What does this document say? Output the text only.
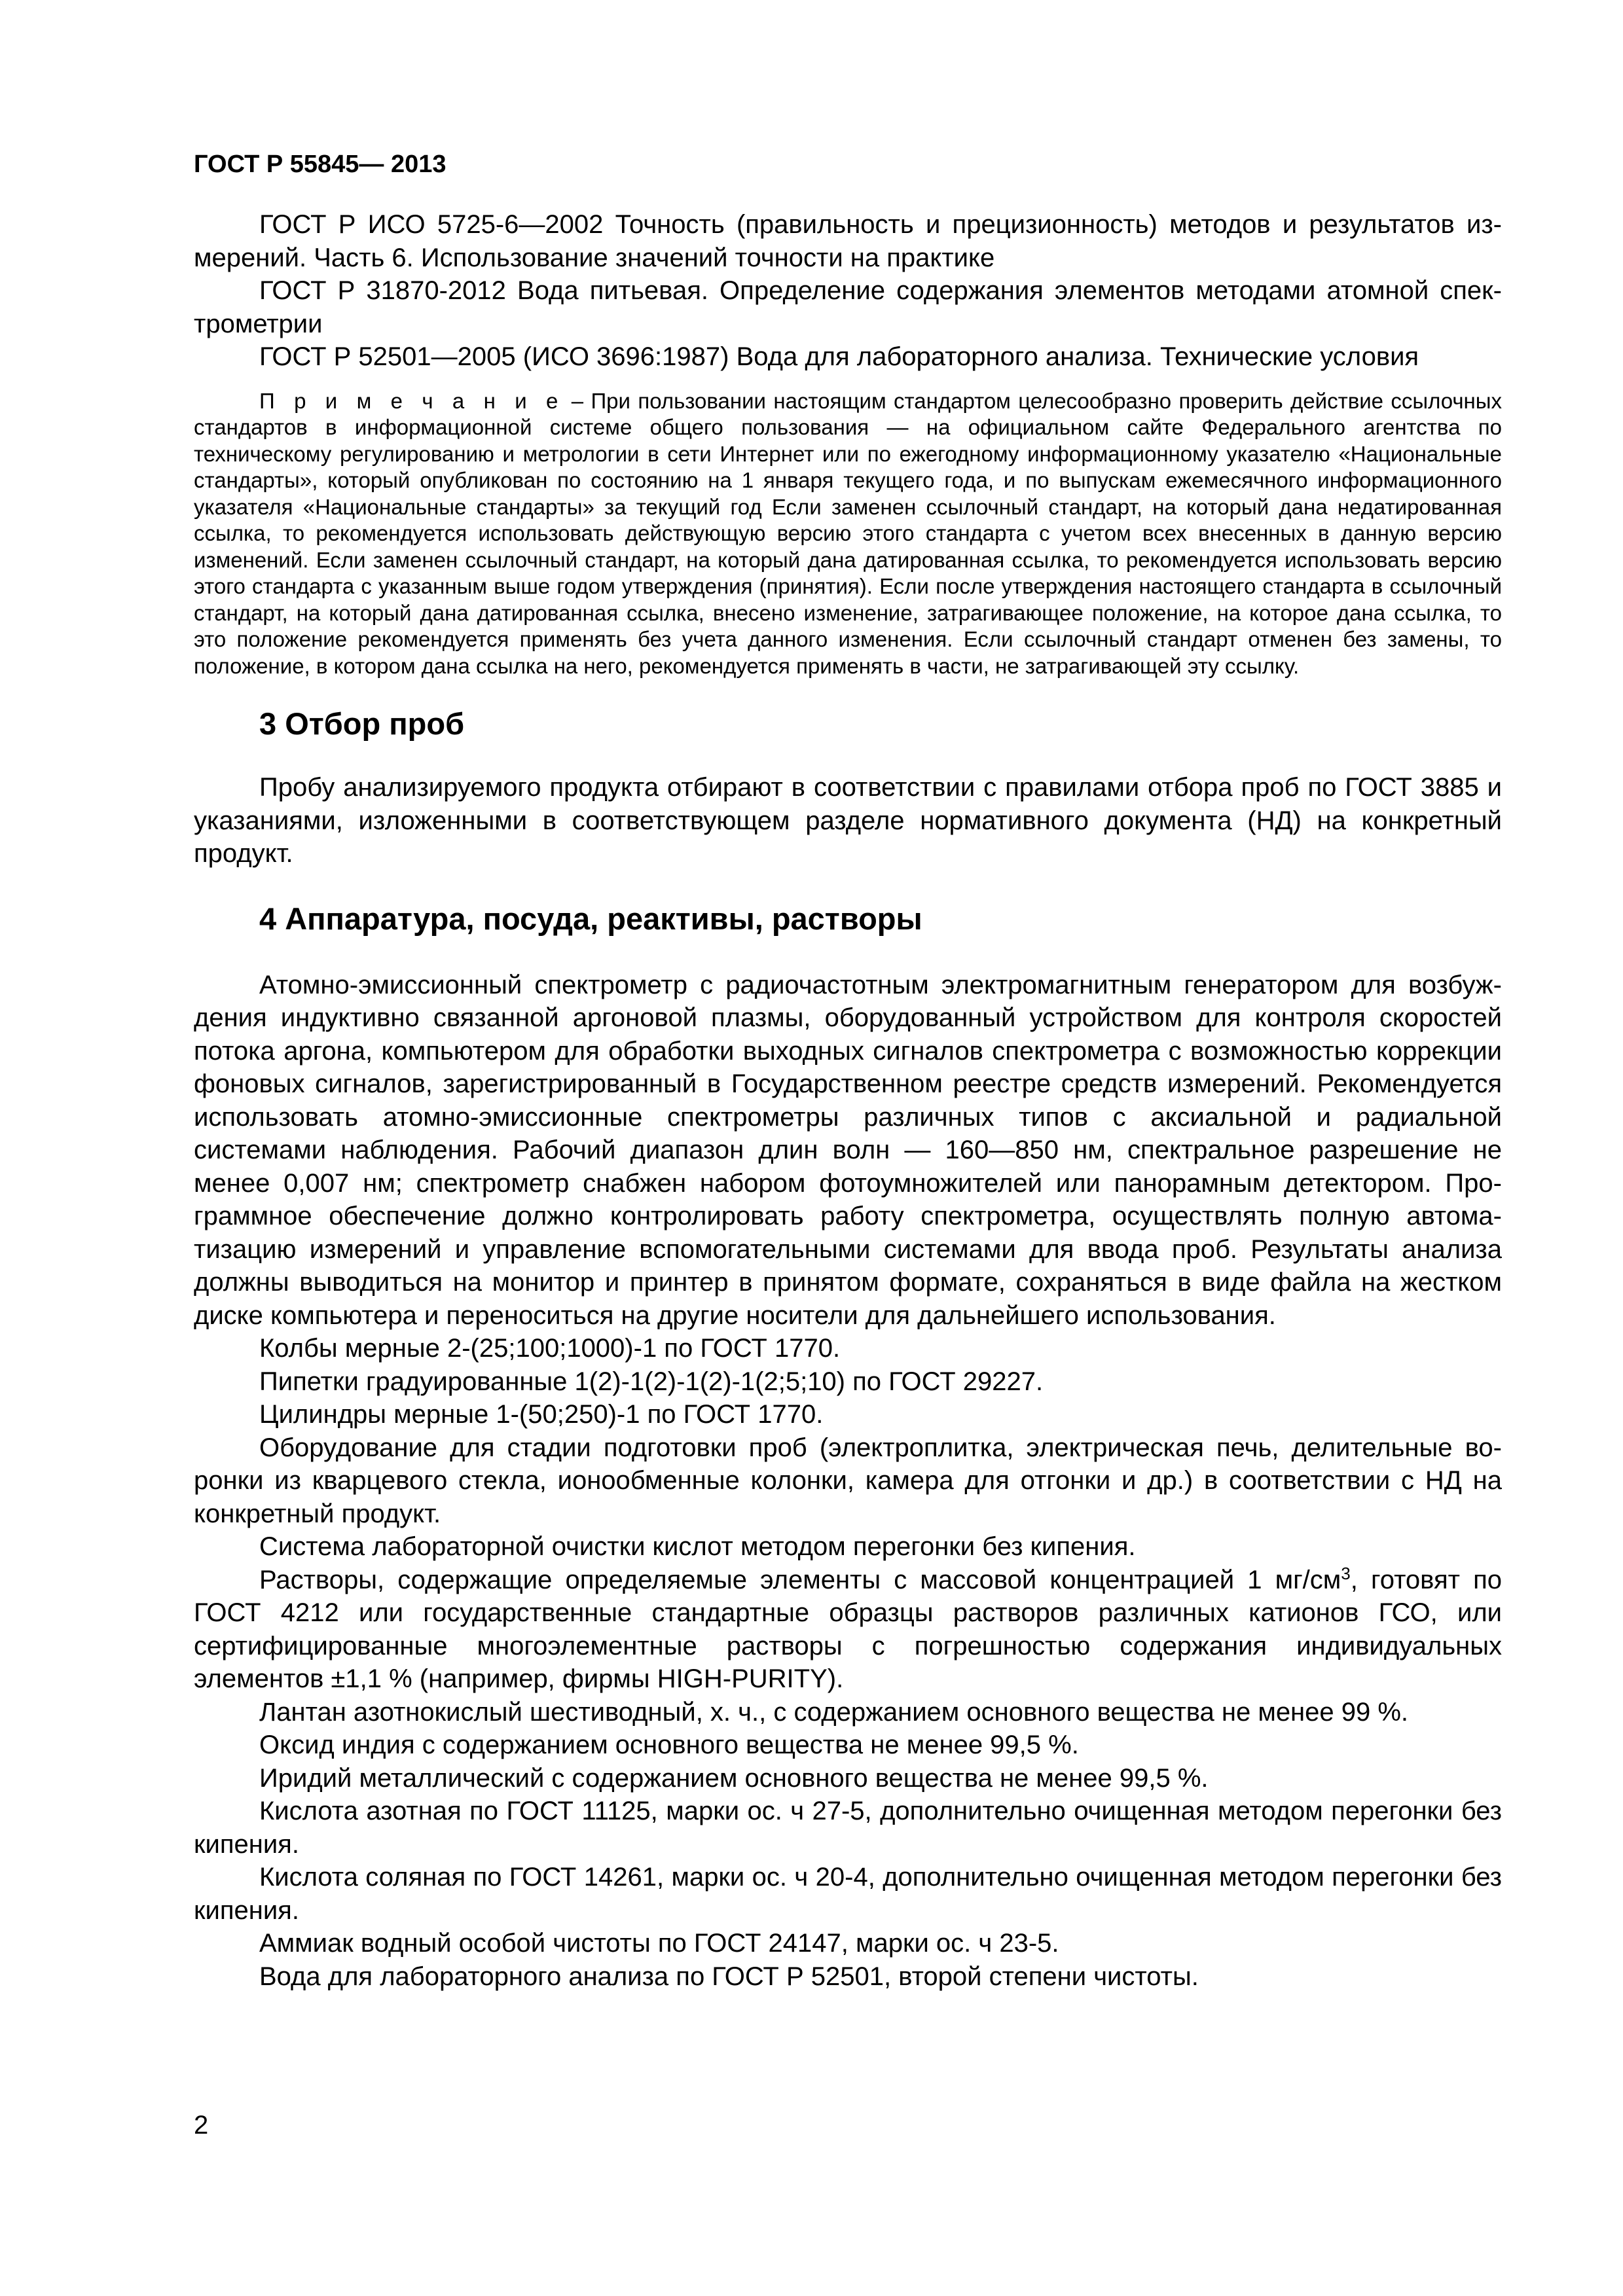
ГОСТ Р 55845— 2013

ГОСТ Р ИСО 5725-6—2002 Точность (правильность и прецизионность) методов и результатов измерений. Часть 6. Использование значений точности на практике

ГОСТ Р 31870-2012 Вода питьевая. Определение содержания элементов методами атомной спектрометрии

ГОСТ Р 52501—2005 (ИСО 3696:1987) Вода для лабораторного анализа. Технические условия

П р и м е ч а н и е – При пользовании настоящим стандартом целесообразно проверить действие ссылочных стандартов в информационной системе общего пользования — на официальном сайте Федерального агентства по техническому регулированию и метрологии в сети Интернет или по ежегодному информационному указателю «Национальные стандарты», который опубликован по состоянию на 1 января текущего года, и по выпускам ежемесячного информационного указателя «Национальные стандарты» за текущий год Если заменен ссылочный стандарт, на который дана недатированная ссылка, то рекомендуется использовать действующую версию этого стандарта с учетом всех внесенных в данную версию изменений. Если заменен ссылочный стандарт, на который дана датированная ссылка, то рекомендуется использовать версию этого стандарта с указанным выше годом утверждения (принятия). Если после утверждения настоящего стандарта в ссылочный стандарт, на который дана датированная ссылка, внесено изменение, затрагивающее положение, на которое дана ссылка, то это положение рекомендуется применять без учета данного изменения. Если ссылочный стандарт отменен без замены, то положение, в котором дана ссылка на него, рекомендуется применять в части, не затрагивающей эту ссылку.

3 Отбор проб

Пробу анализируемого продукта отбирают в соответствии с правилами отбора проб по ГОСТ 3885 и указаниями, изложенными в соответствующем разделе нормативного документа (НД) на конкретный продукт.

4 Аппаратура, посуда, реактивы, растворы

Атомно-эмиссионный спектрометр с радиочастотным электромагнитным генератором для возбуждения индуктивно связанной аргоновой плазмы, оборудованный устройством для контроля скоростей потока аргона, компьютером для обработки выходных сигналов спектрометра с возможностью коррекции фоновых сигналов, зарегистрированный в Государственном реестре средств измерений. Рекомендуется использовать атомно-эмиссионные спектрометры различных типов с аксиальной и радиальной системами наблюдения. Рабочий диапазон длин волн — 160—850 нм, спектральное разрешение не менее 0,007 нм; спектрометр снабжен набором фотоумножителей или панорамным детектором. Программное обеспечение должно контролировать работу спектрометра, осуществлять полную автоматизацию измерений и управление вспомогательными системами для ввода проб. Результаты анализа должны выводиться на монитор и принтер в принятом формате, сохраняться в виде файла на жестком диске компьютера и переноситься на другие носители для дальнейшего использования.

Колбы мерные 2-(25;100;1000)-1 по ГОСТ 1770.

Пипетки градуированные 1(2)-1(2)-1(2)-1(2;5;10) по ГОСТ 29227.

Цилиндры мерные 1-(50;250)-1 по ГОСТ 1770.

Оборудование для стадии подготовки проб (электроплитка, электрическая печь, делительные воронки из кварцевого стекла, ионообменные колонки, камера для отгонки и др.) в соответствии с НД на конкретный продукт.

Система лабораторной очистки кислот методом перегонки без кипения.

Растворы, содержащие определяемые элементы с массовой концентрацией 1 $мг/см^3$, готовят по ГОСТ 4212 или государственные стандартные образцы растворов различных катионов ГСО, или сертифицированные многоэлементные растворы с погрешностью содержания индивидуальных элементов ±1,1 % (например, фирмы HIGH-PURITY).

Лантан азотнокислый шестиводный, х. ч., с содержанием основного вещества не менее 99 %.

Оксид индия с содержанием основного вещества не менее 99,5 %.

Иридий металлический с содержанием основного вещества не менее 99,5 %.

Кислота азотная по ГОСТ 11125, марки ос. ч 27-5, дополнительно очищенная методом перегонки без кипения.

Кислота соляная по ГОСТ 14261, марки ос. ч 20-4, дополнительно очищенная методом перегонки без кипения.

Аммиак водный особой чистоты по ГОСТ 24147, марки ос. ч 23-5.

Вода для лабораторного анализа по ГОСТ Р 52501, второй степени чистоты.

2
